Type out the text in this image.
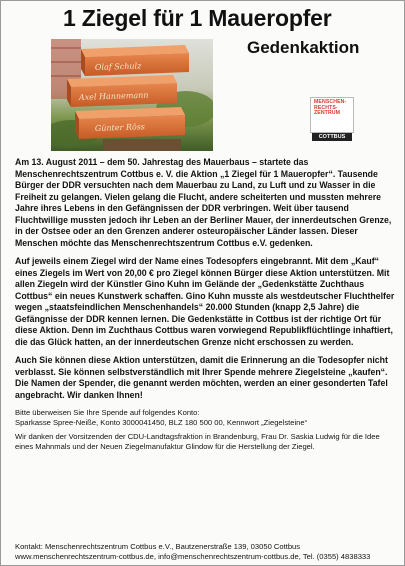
1 Ziegel für 1 Maueropfer
Gedenkaktion
Olaf Schulz
Axel Hannemann
Günter Röss
MENSCHEN-
RECHTS-
ZENTRUM
COTTBUS

Am 13. August 2011 – dem 50. Jahrestag des Mauerbaus – startete das Menschenrechtszentrum Cottbus e. V. die Aktion „1 Ziegel für 1 Maueropfer“. Tausende Bürger der DDR versuchten nach dem Mauerbau zu Land, zu Luft und zu Wasser in die Freiheit zu gelangen. Vielen gelang die Flucht, andere scheiterten und mussten mehrere Jahre ihres Lebens in den Gefängnissen der DDR verbringen. Weit über tausend Fluchtwillige mussten jedoch ihr Leben an der Berliner Mauer, der innerdeutschen Grenze, in der Ostsee oder an den Grenzen anderer osteuropäischer Länder lassen. Dieser Menschen möchte das Menschenrechtszentrum Cottbus e.V. gedenken.

Auf jeweils einem Ziegel wird der Name eines Todesopfers eingebrannt. Mit dem „Kauf“ eines Ziegels im Wert von 20,00 € pro Ziegel können Bürger diese Aktion unterstützen. Mit allen Ziegeln wird der Künstler Gino Kuhn im Gelände der „Gedenkstätte Zuchthaus Cottbus“ ein neues Kunstwerk schaffen. Gino Kuhn musste als westdeutscher Fluchthelfer wegen „staatsfeindlichen Menschenhandels“ 20.000 Stunden (knapp 2,5 Jahre) die Gefängnisse der DDR kennen lernen. Die Gedenkstätte in Cottbus ist der richtige Ort für diese Aktion. Denn im Zuchthaus Cottbus waren vorwiegend Republikflüchtlinge inhaftiert, die das Glück hatten, an der innerdeutschen Grenze nicht erschossen zu werden.

Auch Sie können diese Aktion unterstützen, damit die Erinnerung an die Todesopfer nicht verblasst. Sie können selbstverständlich mit Ihrer Spende mehrere Ziegelsteine „kaufen“. Die Namen der Spender, die genannt werden möchten, werden an einer gesonderten Tafel angebracht. Wir danken Ihnen!

Bitte überweisen Sie Ihre Spende auf folgendes Konto:
Sparkasse Spree-Neiße, Konto 3000041450, BLZ 180 500 00, Kennwort „Ziegelsteine“
Wir danken der Vorsitzenden der CDU-Landtagsfraktion in Brandenburg, Frau Dr. Saskia Ludwig für die Idee eines Mahnmals und der Neuen Ziegelmanufaktur Glindow für die Herstellung der Ziegel.
Kontakt: Menschenrechtszentrum Cottbus e.V., Bautzenerstraße 139, 03050 Cottbus
www.menschenrechtszentrum-cottbus.de, info@menschenrechtszentrum-cottbus.de, Tel. (0355) 4838333
